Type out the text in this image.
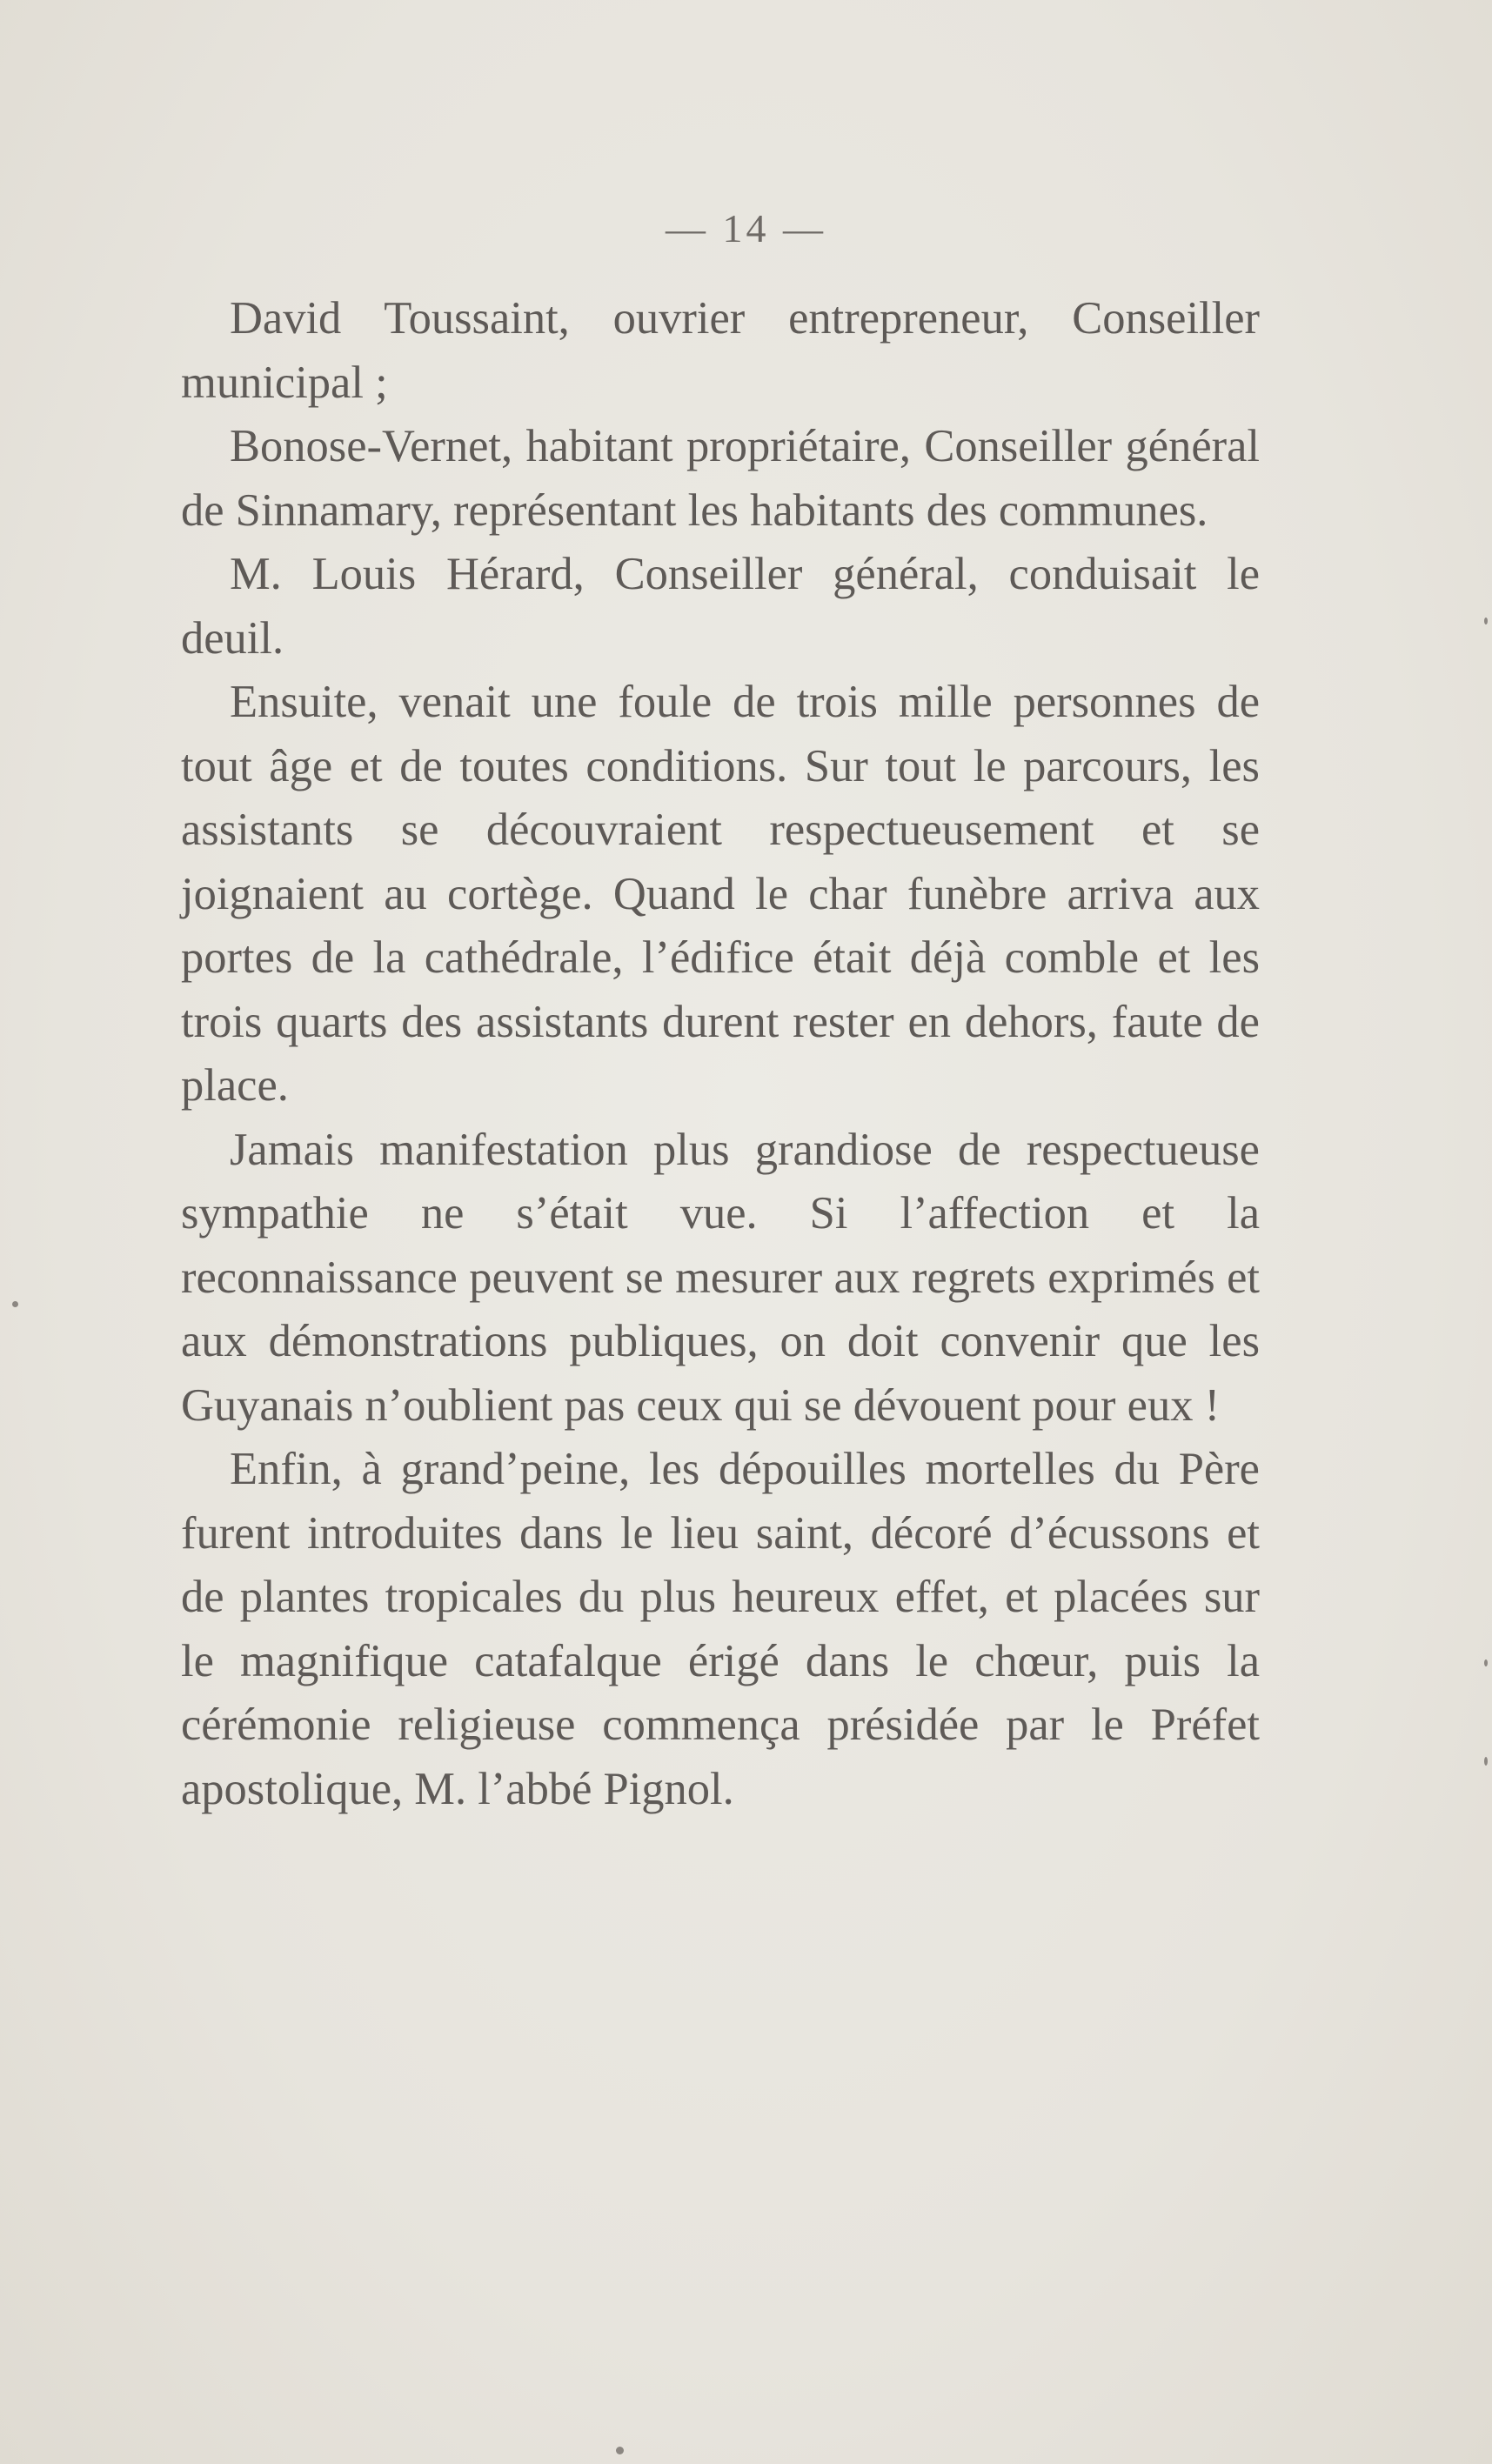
— 14 —

David Toussaint, ouvrier entrepreneur, Conseiller municipal ;

Bonose-Vernet, habitant propriétaire, Conseiller général de Sinnamary, représentant les habitants des communes.

M. Louis Hérard, Conseiller général, conduisait le deuil.

Ensuite, venait une foule de trois mille personnes de tout âge et de toutes conditions. Sur tout le parcours, les assistants se découvraient respectueusement et se joignaient au cortège. Quand le char funèbre arriva aux portes de la cathédrale, l’édifice était déjà comble et les trois quarts des assistants durent rester en dehors, faute de place.

Jamais manifestation plus grandiose de respectueuse sympathie ne s’était vue. Si l’affection et la reconnaissance peuvent se mesurer aux regrets exprimés et aux démonstrations publiques, on doit convenir que les Guyanais n’oublient pas ceux qui se dévouent pour eux !

Enfin, à grand’peine, les dépouilles mortelles du Père furent introduites dans le lieu saint, décoré d’écussons et de plantes tropicales du plus heureux effet, et placées sur le magnifique catafalque érigé dans le chœur, puis la cérémonie religieuse commença présidée par le Préfet apostolique, M. l’abbé Pignol.
